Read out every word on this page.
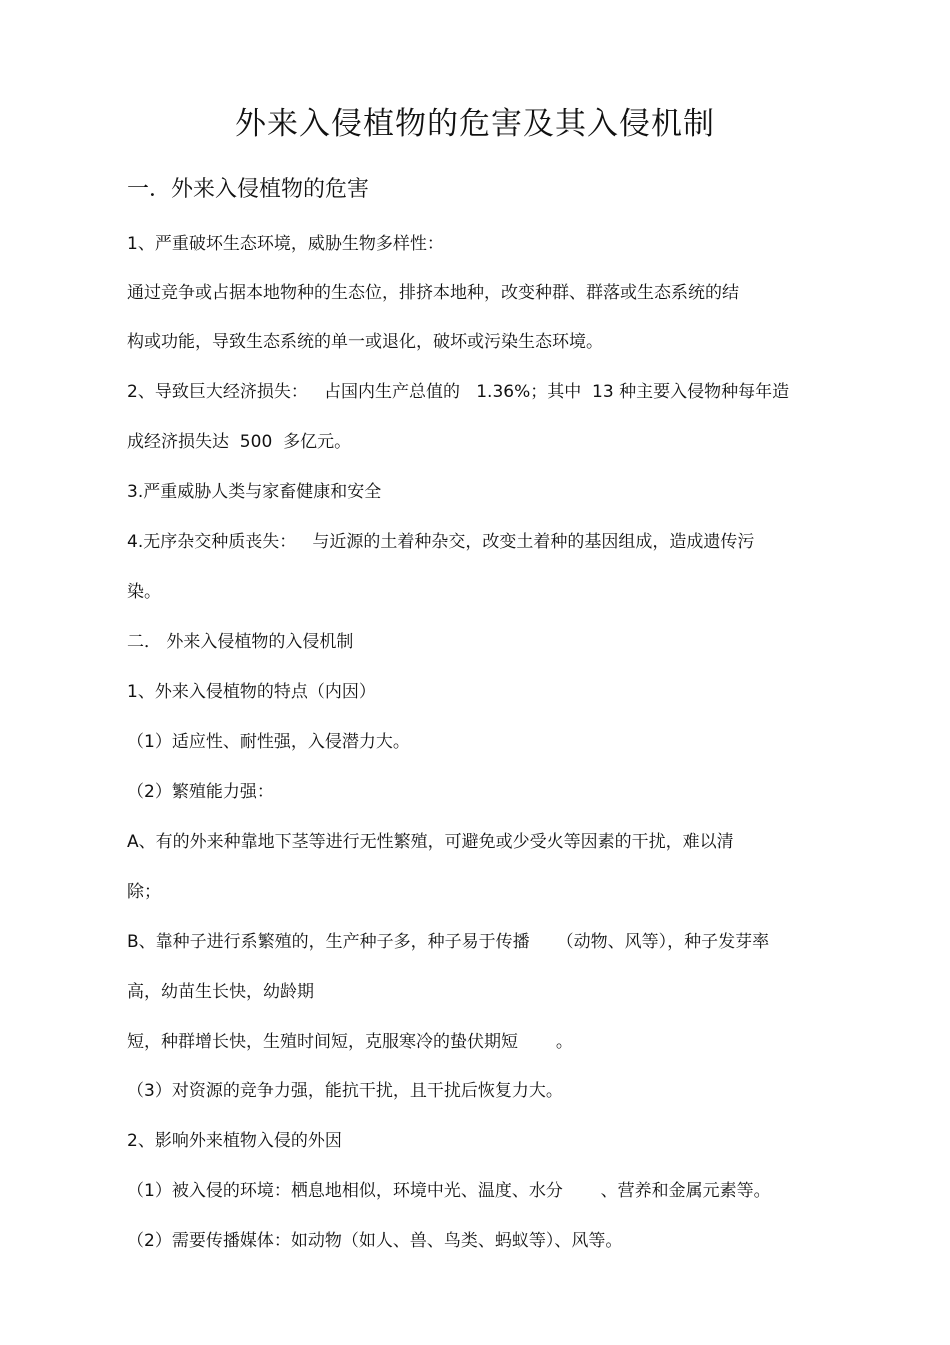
外来入侵植物的危害及其入侵机制
一．外来入侵植物的危害
1、严重破坏生态环境，威胁生物多样性：
通过竞争或占据本地物种的生态位，排挤本地种，改变种群、群落或生态系统的结
构或功能，导致生态系统的单一或退化，破坏或污染生态环境。
2、导致巨大经济损失：   占国内生产总值的   1.36%；其中  13 种主要入侵物种每年造
成经济损失达  500  多亿元。
3.严重威胁人类与家畜健康和安全
4.无序杂交种质丧失：   与近源的土着种杂交，改变土着种的基因组成，造成遗传污
染。
二． 外来入侵植物的入侵机制
1、外来入侵植物的特点（内因）
（1）适应性、耐性强，入侵潜力大。
（2）繁殖能力强：
A、有的外来种靠地下茎等进行无性繁殖，可避免或少受火等因素的干扰，难以清
除；
B、靠种子进行系繁殖的，生产种子多，种子易于传播     （动物、风等），种子发芽率
高，幼苗生长快，幼龄期
短，种群增长快，生殖时间短，克服寒冷的蛰伏期短       。
（3）对资源的竞争力强，能抗干扰，且干扰后恢复力大。
2、影响外来植物入侵的外因
（1）被入侵的环境：栖息地相似，环境中光、温度、水分       、营养和金属元素等。
（2）需要传播媒体：如动物（如人、兽、鸟类、蚂蚁等）、风等。
